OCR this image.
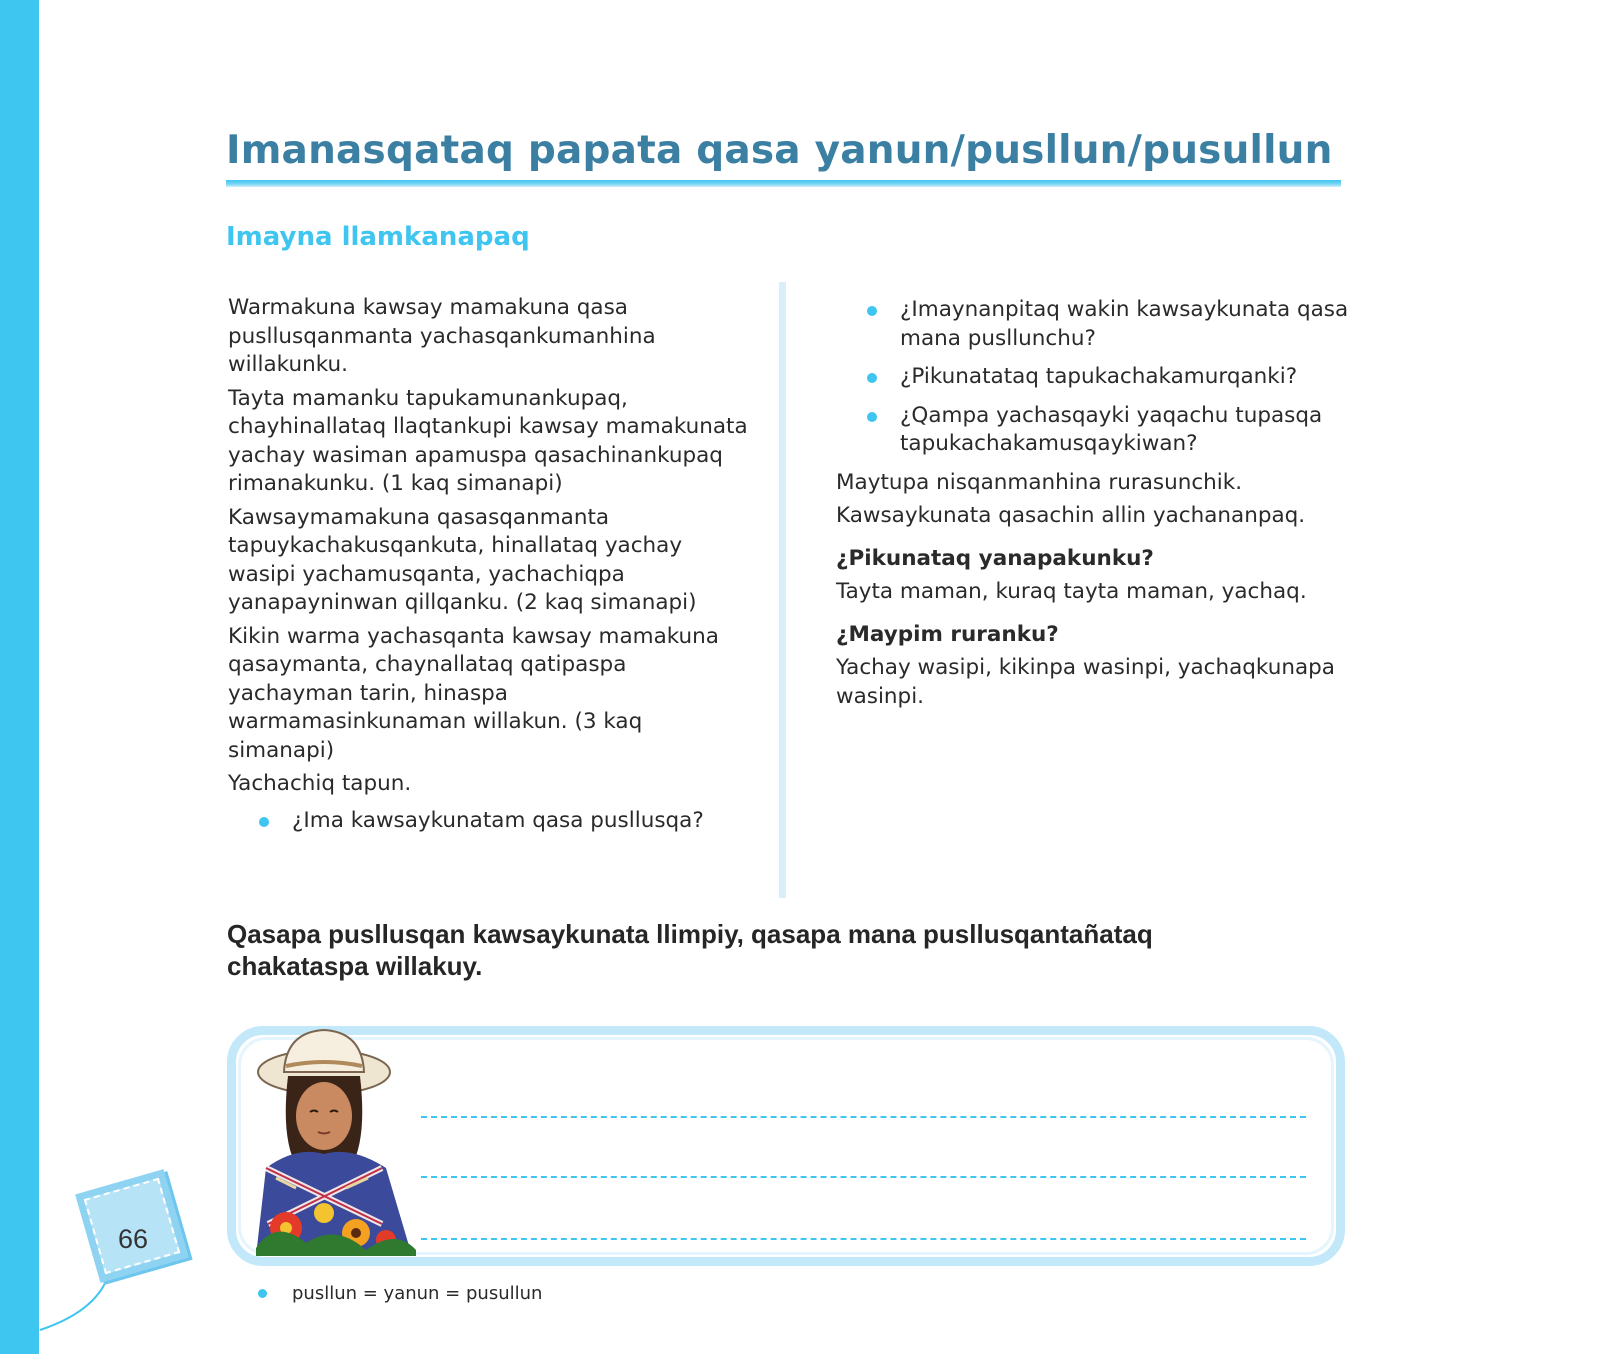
Imanasqataq papata qasa yanun/pusllun/pusullun
Imayna llamkanapaq

Warmakuna kawsay mamakuna qasa pusllusqanmanta yachasqankumanhina willakunku.

Tayta mamanku tapukamunankupaq, chayhinallataq llaqtankupi kawsay mamakunata yachay wasiman apamuspa qasachinankupaq rimanakunku. (1 kaq simanapi)

Kawsaymamakuna qasasqanmanta tapuykachakusqankuta, hinallataq yachay wasipi yachamusqanta, yachachiqpa yanapayninwan qillqanku. (2 kaq simanapi)

Kikin warma yachasqanta kawsay mamakuna qasaymanta, chaynallataq qatipaspa yachayman tarin, hinaspa warmamasinkunaman willakun. (3 kaq simanapi)

Yachachiq tapun.

¿Ima kawsaykunatam qasa pusllusqa?
¿Imaynanpitaq wakin kawsaykunata qasa mana pusllunchu?
¿Pikunatataq tapukachakamurqanki?
¿Qampa yachasqayki yaqachu tupasqa tapukachakamusqaykiwan?

Maytupa nisqanmanhina rurasunchik.

Kawsaykunata qasachin allin yachananpaq.

¿Pikunataq yanapakunku?

Tayta maman, kuraq tayta maman, yachaq.

¿Maypim ruranku?

Yachay wasipi, kikinpa wasinpi, yachaqkunapa wasinpi.

Qasapa pusllusqan kawsaykunata llimpiy, qasapa mana pusllusqantañataq chakataspa willakuy.

66
pusllun = yanun = pusullun
